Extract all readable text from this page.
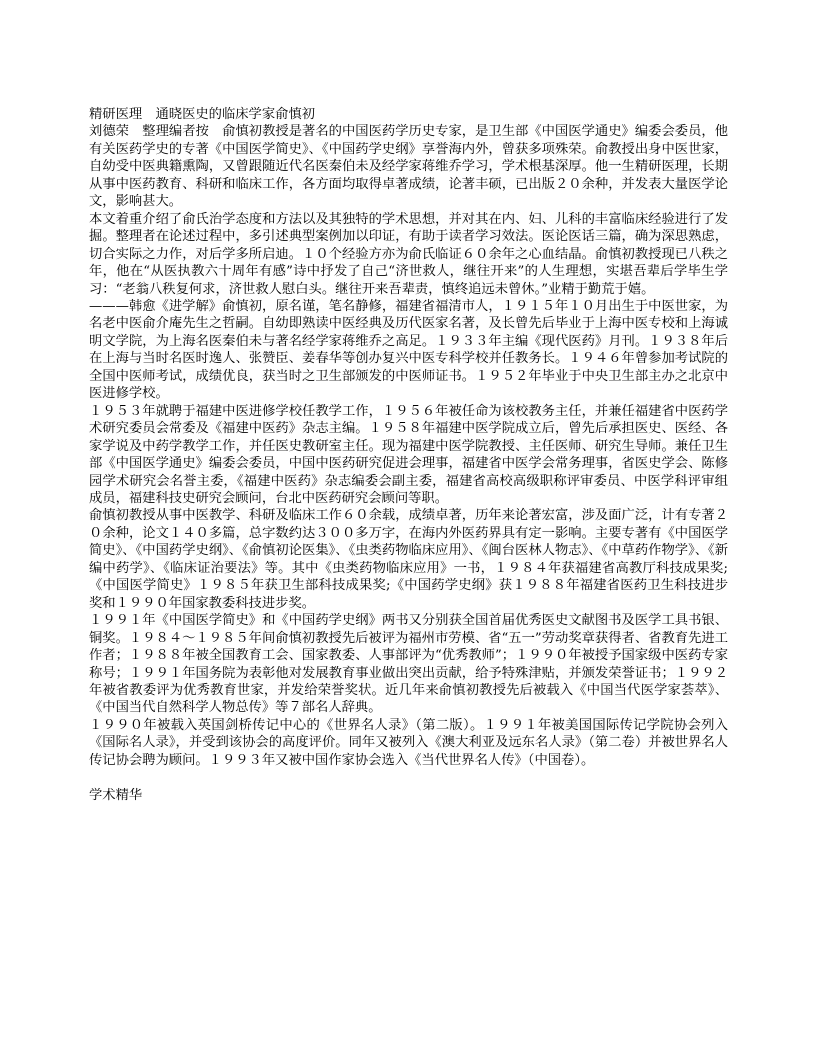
精研医理　通晓医史的临床学家俞慎初

刘德荣　整理编者按　俞慎初教授是著名的中国医药学历史专家，是卫生部《中国医学通史》编委会委员，他有关医药学史的专著《中国医学简史》、《中国药学史纲》享誉海内外，曾获多项殊荣。俞教授出身中医世家，自幼受中医典籍熏陶，又曾跟随近代名医秦伯未及经学家蒋维乔学习，学术根基深厚。他一生精研医理，长期从事中医药教育、科研和临床工作，各方面均取得卓著成绩，论著丰硕，已出版２０余种，并发表大量医学论文，影响甚大。

本文着重介绍了俞氏治学态度和方法以及其独特的学术思想，并对其在内、妇、儿科的丰富临床经验进行了发掘。整理者在论述过程中，多引述典型案例加以印证，有助于读者学习效法。医论医话三篇，确为深思熟虑，切合实际之力作，对后学多所启迪。１０个经验方亦为俞氏临证６０余年之心血结晶。俞慎初教授现已八秩之年，他在“从医执教六十周年有感”诗中抒发了自己“济世救人，继往开来”的人生理想，实堪吾辈后学毕生学习：“老翁八秩复何求，济世救人慰白头。继往开来吾辈责，慎终追远未曾休。”业精于勤荒于嬉。

———韩愈《进学解》俞慎初，原名谨，笔名静修，福建省福清市人，１９１５年１０月出生于中医世家，为名老中医俞介庵先生之哲嗣。自幼即熟读中医经典及历代医家名著，及长曾先后毕业于上海中医专校和上海诚明文学院，为上海名医秦伯未与著名经学家蒋维乔之高足。１９３３年主编《现代医药》月刊。１９３８年后在上海与当时名医时逸人、张赞臣、姜春华等创办复兴中医专科学校并任教务长。１９４６年曾参加考试院的全国中医师考试，成绩优良，获当时之卫生部颁发的中医师证书。１９５２年毕业于中央卫生部主办之北京中医进修学校。

１９５３年就聘于福建中医进修学校任教学工作，１９５６年被任命为该校教务主任，并兼任福建省中医药学术研究委员会常委及《福建中医药》杂志主编。１９５８年福建中医学院成立后，曾先后承担医史、医经、各家学说及中药学教学工作，并任医史教研室主任。现为福建中医学院教授、主任医师、研究生导师。兼任卫生部《中国医学通史》编委会委员，中国中医药研究促进会理事，福建省中医学会常务理事，省医史学会、陈修园学术研究会名誉主委，《福建中医药》杂志编委会副主委，福建省高校高级职称评审委员、中医学科评审组成员，福建科技史研究会顾问，台北中医药研究会顾问等职。

俞慎初教授从事中医教学、科研及临床工作６０余载，成绩卓著，历年来论著宏富，涉及面广泛，计有专著２０余种，论文１４０多篇，总字数约达３００多万字，在海内外医药界具有定一影响。主要专著有《中国医学简史》、《中国药学史纲》、《俞慎初论医集》、《虫类药物临床应用》、《闽台医林人物志》、《中草药作物学》、《新编中药学》、《临床证治要法》等。其中《虫类药物临床应用》一书，１９８４年获福建省高教厅科技成果奖;《中国医学简史》１９８５年获卫生部科技成果奖;《中国药学史纲》获１９８８年福建省医药卫生科技进步奖和１９９０年国家教委科技进步奖。

１９９１年《中国医学简史》和《中国药学史纲》两书又分别获全国首届优秀医史文献图书及医学工具书银、铜奖。１９８４～１９８５年间俞慎初教授先后被评为福州市劳模、省“五一”劳动奖章获得者、省教育先进工作者；１９８８年被全国教育工会、国家教委、人事部评为“优秀教师”；１９９０年被授予国家级中医药专家称号；１９９１年国务院为表彰他对发展教育事业做出突出贡献，给予特殊津贴，并颁发荣誉证书；１９９２年被省教委评为优秀教育世家，并发给荣誉奖状。近几年来俞慎初教授先后被载入《中国当代医学家荟萃》、《中国当代自然科学人物总传》等７部名人辞典。

１９９０年被载入英国剑桥传记中心的《世界名人录》（第二版）。１９９１年被美国国际传记学院协会列入《国际名人录》，并受到该协会的高度评价。同年又被列入《澳大利亚及远东名人录》（第二卷）并被世界名人传记协会聘为顾问。１９９３年又被中国作家协会选入《当代世界名人传》（中国卷）。

学术精华
